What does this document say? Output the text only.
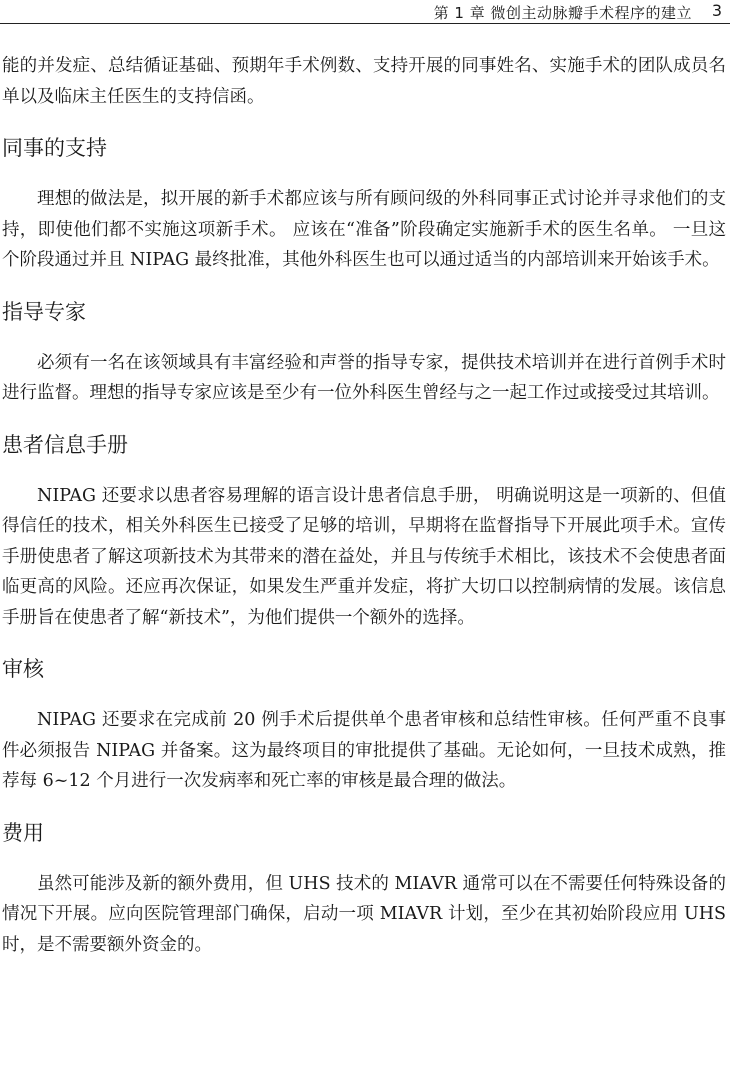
第 1 章 微创主动脉瓣手术程序的建立 3

能的并发症、总结循证基础、预期年手术例数、支持开展的同事姓名、实施手术的团队成员名单以及临床主任医生的支持信函。

同事的支持

理想的做法是，拟开展的新手术都应该与所有顾问级的外科同事正式讨论并寻求他们的支持，即使他们都不实施这项新手术。 应该在“准备”阶段确定实施新手术的医生名单。 一旦这个阶段通过并且 NIPAG 最终批准，其他外科医生也可以通过适当的内部培训来开始该手术。

指导专家

必须有一名在该领域具有丰富经验和声誉的指导专家，提供技术培训并在进行首例手术时进行监督。理想的指导专家应该是至少有一位外科医生曾经与之一起工作过或接受过其培训。

患者信息手册

NIPAG 还要求以患者容易理解的语言设计患者信息手册， 明确说明这是一项新的、但值得信任的技术，相关外科医生已接受了足够的培训，早期将在监督指导下开展此项手术。宣传手册使患者了解这项新技术为其带来的潜在益处，并且与传统手术相比，该技术不会使患者面临更高的风险。还应再次保证，如果发生严重并发症，将扩大切口以控制病情的发展。该信息手册旨在使患者了解“新技术”，为他们提供一个额外的选择。

审核

NIPAG 还要求在完成前 20 例手术后提供单个患者审核和总结性审核。任何严重不良事件必须报告 NIPAG 并备案。这为最终项目的审批提供了基础。无论如何，一旦技术成熟，推荐每 6~12 个月进行一次发病率和死亡率的审核是最合理的做法。

费用

虽然可能涉及新的额外费用，但 UHS 技术的 MIAVR 通常可以在不需要任何特殊设备的情况下开展。应向医院管理部门确保，启动一项 MIAVR 计划，至少在其初始阶段应用 UHS 时，是不需要额外资金的。
